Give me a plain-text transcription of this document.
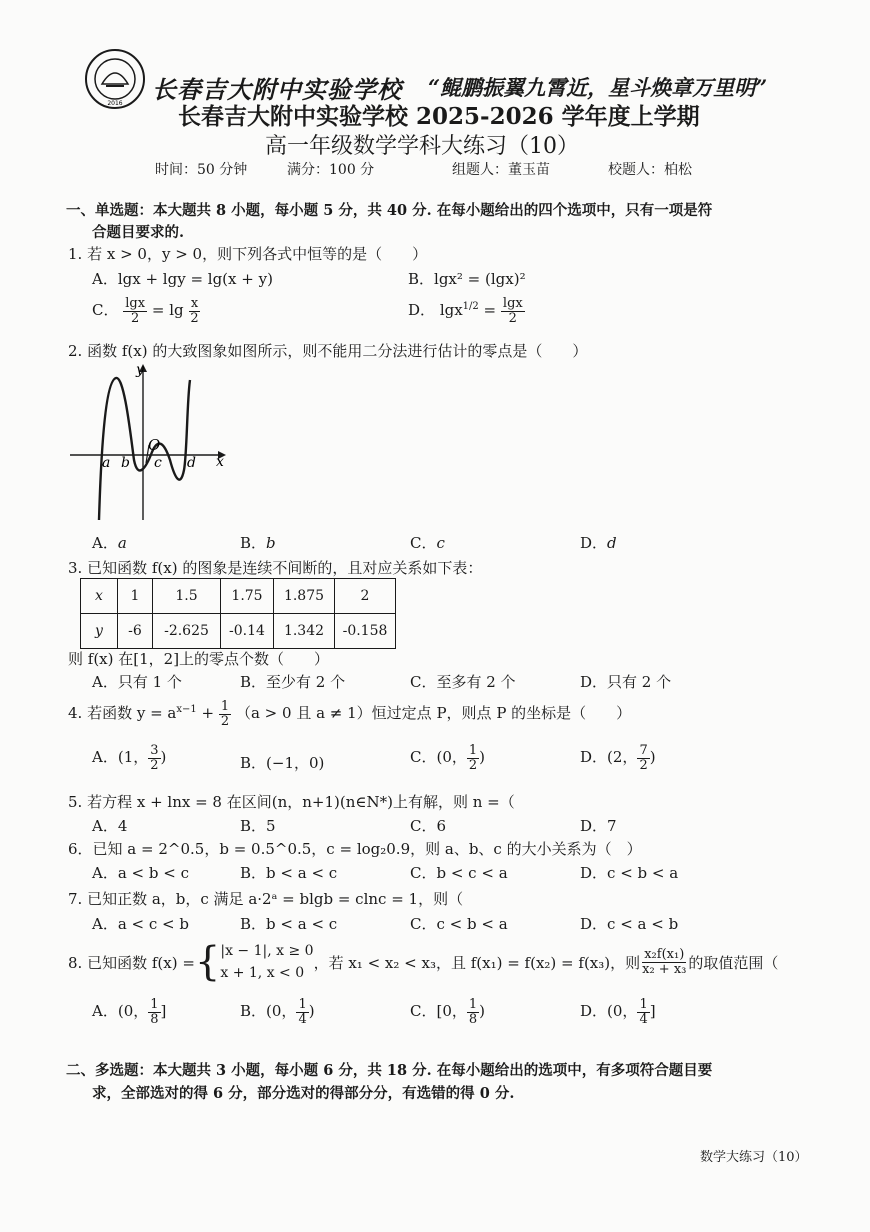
2016 长春吉大附中实验学校 “鲲鹏振翼九霄近，星斗焕章万里明”
长春吉大附中实验学校 2025-2026 学年度上学期
高一年级数学学科大练习（10）
时间：50 分钟	满分：100 分	组题人：董玉苗	校题人：柏松
一、单选题：本大题共 8 小题，每小题 5 分，共 40 分. 在每小题给出的四个选项中，只有一项是符
合题目要求的.
1. 若 x > 0，y > 0，则下列各式中恒等的是（　　）
A．lgx + lgy = lg(x + y)	B．lgx² = (lgx)²
C． $\frac{\lg x}{2} = \lg \frac{x}{2}$	D． $\lg x^{1/2} = \frac{\lg x}{2}$
2. 函数 f(x) 的大致图象如图所示，则不能用二分法进行估计的零点是（　　）
y
x
O
a b c d
A．a	B．b	C．c	D．d
3. 已知函数 f(x) 的图象是连续不间断的，且对应关系如下表：
x	1	1.5	1.75	1.875	2
y	-6	-2.625	-0.14	1.342	-0.158
则 f(x) 在[1，2]上的零点个数（　　）
A．只有 1 个	B．至少有 2 个	C．至多有 2 个	D．只有 2 个
4. 若函数 $y = a^{x-1} + \frac{1}{2} (a > 0$ 且 a ≠ 1）恒过定点 P，则点 P 的坐标是（　　）
A．(1， $\frac{3}{2}$ )	B．(−1，0)	C．(0， $\frac{1}{2}$ )	D．(2， $\frac{7}{2}$ )
5. 若方程 x + lnx = 8 在区间(n，n+1)(n∈N*)上有解，则 n =（
A．4	B．5	C．6	D．7
6．已知 a = 2^0.5，b = 0.5^0.5，c = log₂0.9，则 a、b、c 的大小关系为（　）
A．a < b < c	B．b < a < c	C．b < c < a	D．c < b < a
7. 已知正数 a，b，c 满足 a·2ᵃ = blgb = clnc = 1，则（
A．a < c < b	B．b < a < c	C．c < b < a	D．c < a < b
8. 已知函数 f(x) = { |x − 1|, x ≥ 0
x + 1, x < 0
，若 x₁ < x₂ < x₃，且 f(x₁) = f(x₂) = f(x₃)，则 $\frac{\text{x₂f(x₁)}}{\text{x₂ + x₃}}$ 的取值范围（
A．(0， $\frac{1}{8}$ ]	B．(0， $\frac{1}{4}$ )	C．[0， $\frac{1}{8}$ )	D．(0， $\frac{1}{4}$ ]
二、多选题：本大题共 3 小题，每小题 6 分，共 18 分. 在每小题给出的选项中，有多项符合题目要
求，全部选对的得 6 分，部分选对的得部分分，有选错的得 0 分.
数学大练习（10）
